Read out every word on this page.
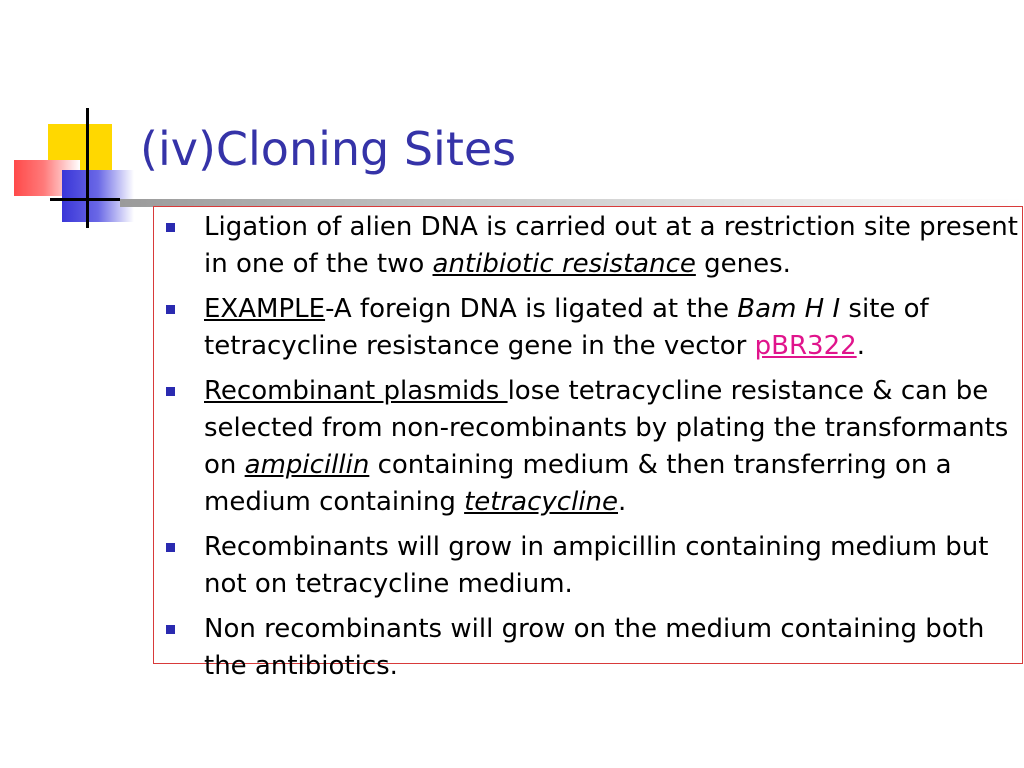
(iv)Cloning Sites
Ligation of alien DNA is carried out at a restriction site present in one of the two antibiotic resistance genes.
EXAMPLE-A foreign DNA is ligated at the Bam H I site of tetracycline resistance gene in the vector pBR322.
Recombinant plasmids lose tetracycline resistance & can be selected from non-recombinants by plating the transformants on ampicillin containing medium & then transferring on a medium containing tetracycline.
Recombinants will grow in ampicillin containing medium but not on tetracycline medium.
Non recombinants will grow on the medium containing both the antibiotics.
